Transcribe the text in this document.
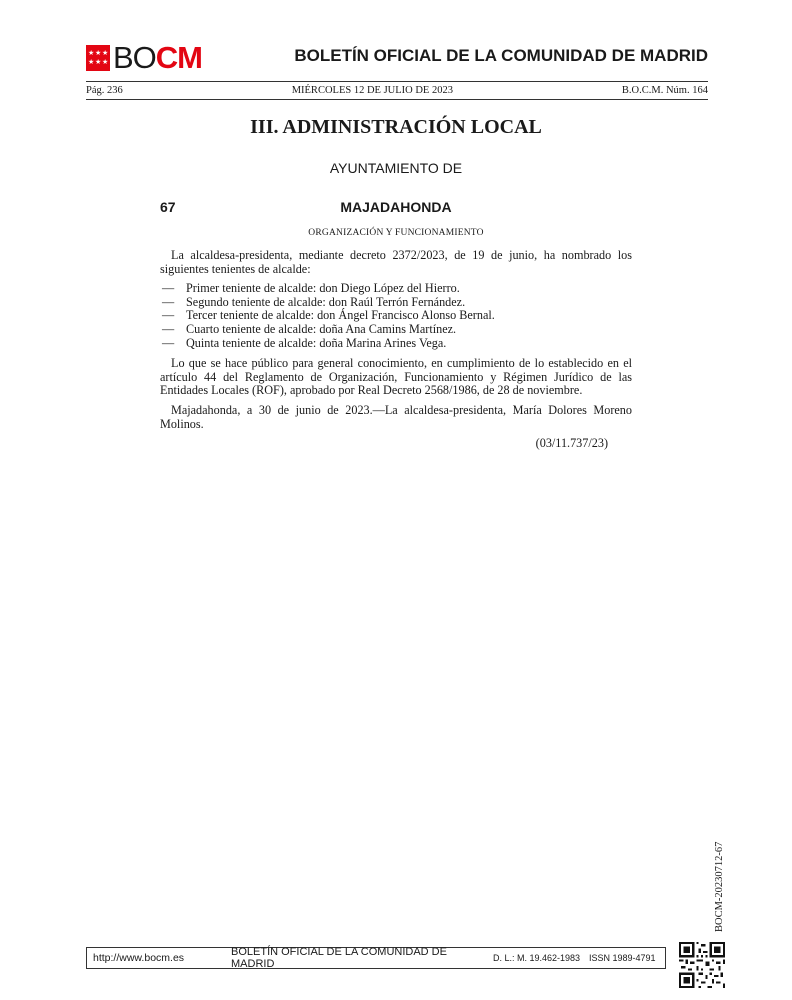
★ ★ ★
★ ★ ★ BO CM	BOLETÍN OFICIAL DE LA COMUNIDAD DE MADRID
Pág. 236	MIÉRCOLES 12 DE JULIO DE 2023	B.O.C.M. Núm. 164
III. ADMINISTRACIÓN LOCAL
AYUNTAMIENTO DE
67	MAJADAHONDA
ORGANIZACIÓN Y FUNCIONAMIENTO

La alcaldesa-presidenta, mediante decreto 2372/2023, de 19 de junio, ha nombrado los siguientes tenientes de alcalde:

— Primer teniente de alcalde: don Diego López del Hierro.
— Segundo teniente de alcalde: don Raúl Terrón Fernández.
— Tercer teniente de alcalde: don Ángel Francisco Alonso Bernal.
— Cuarto teniente de alcalde: doña Ana Camins Martínez.
— Quinta teniente de alcalde: doña Marina Arines Vega.

Lo que se hace público para general conocimiento, en cumplimiento de lo establecido en el artículo 44 del Reglamento de Organización, Funcionamiento y Régimen Jurídico de las Entidades Locales (ROF), aprobado por Real Decreto 2568/1986, de 28 de noviembre.

Majadahonda, a 30 de junio de 2023.—La alcaldesa-presidenta, María Dolores Moreno Molinos.

(03/11.737/23)
BOCM-20230712-67
http://www.bocm.es	BOLETÍN OFICIAL DE LA COMUNIDAD DE MADRID	D. L.: M. 19.462-1983 ISSN 1989-4791
